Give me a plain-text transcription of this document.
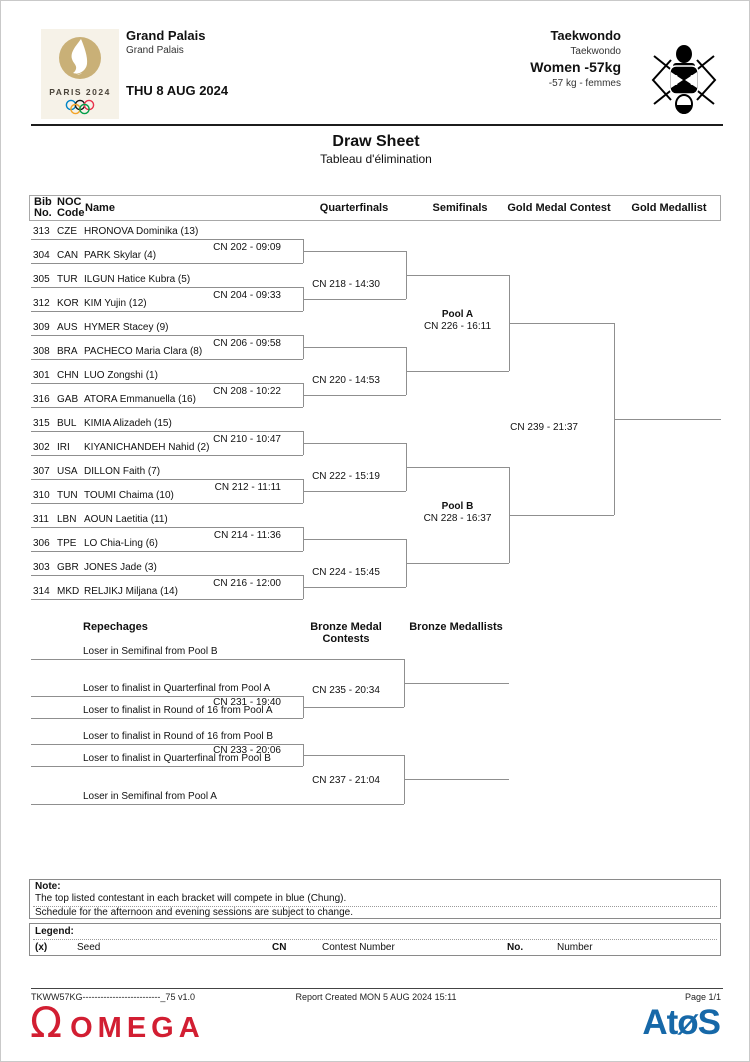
PARIS 2024
Grand Palais
Grand Palais
THU 8 AUG 2024
Taekwondo
Taekwondo
Women -57kg
-57 kg - femmes
Draw Sheet
Tableau d'élimination
Bib
No.
NOC
Code Name	Quarterfinals	Semifinals	Gold Medal Contest	Gold Medallist
313 CZE HRONOVA Dominika (13)
304 CAN PARK Skylar (4)
305 TUR ILGUN Hatice Kubra (5)
312 KOR KIM Yujin (12)
309 AUS HYMER Stacey (9)
308 BRA PACHECO Maria Clara (8)
301 CHN LUO Zongshi (1)
316 GAB ATORA Emmanuella (16)
315 BUL KIMIA Alizadeh (15)
302 IRI KIYANICHANDEH Nahid (2)
307 USA DILLON Faith (7)
310 TUN TOUMI Chaima (10)
311 LBN AOUN Laetitia (11)
306 TPE LO Chia-Ling (6)
303 GBR JONES Jade (3)
314 MKD RELJIKJ Miljana (14)
CN 202 - 09:09
CN 204 - 09:33
CN 206 - 09:58
CN 208 - 10:22
CN 210 - 10:47
CN 212 - 11:11
CN 214 - 11:36
CN 216 - 12:00
CN 218 - 14:30
CN 220 - 14:53
CN 222 - 15:19
CN 224 - 15:45
Pool A
CN 226 - 16:11
Pool B
CN 228 - 16:37
CN 239 - 21:37
Loser in Semifinal from Pool B
Loser to finalist in Quarterfinal from Pool A
Loser to finalist in Round of 16 from Pool A
Loser to finalist in Round of 16 from Pool B
Loser to finalist in Quarterfinal from Pool B
Loser in Semifinal from Pool A
CN 231 - 19:40
CN 233 - 20:06
CN 235 - 20:34
CN 237 - 21:04
Repechages	Bronze Medal Contests
Bronze Medallists
Note:
The top listed contestant in each bracket will compete in blue (Chung).
Schedule for the afternoon and evening sessions are subject to change.
Legend:
(x)	Seed	CN	Contest Number	No.	Number
TKWW57KG--------------------------_75 v1.0	Report Created MON 5 AUG 2024 15:11	Page 1/1
Ω OMEGA	AtøS
